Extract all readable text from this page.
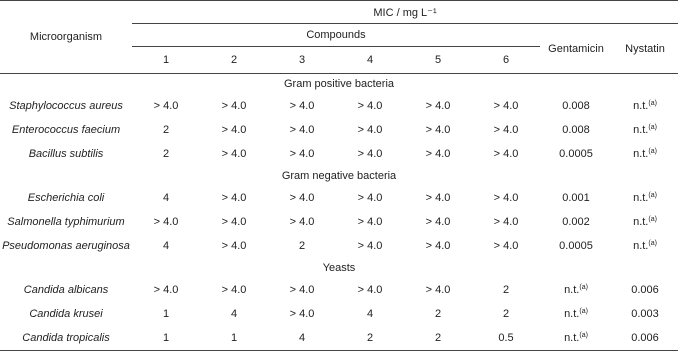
Microorganism	MIC / mg L⁻¹							
	Compounds						Gentamicin	Nystatin
	1	2	3	4	5	6		
Gram positive bacteria								
Staphylococcus aureus	> 4.0	> 4.0	> 4.0	> 4.0	> 4.0	> 4.0	0.008	n.t.$^{(a)}$
Enterococcus faecium	2	> 4.0	> 4.0	> 4.0	> 4.0	> 4.0	0.008	n.t.$^{(a)}$
Bacillus subtilis	2	> 4.0	> 4.0	> 4.0	> 4.0	> 4.0	0.0005	n.t.$^{(a)}$
Gram negative bacteria								
Escherichia coli	4	> 4.0	> 4.0	> 4.0	> 4.0	> 4.0	0.001	n.t.$^{(a)}$
Salmonella typhimurium	> 4.0	> 4.0	> 4.0	> 4.0	> 4.0	> 4.0	0.002	n.t.$^{(a)}$
Pseudomonas aeruginosa	4	> 4.0	2	> 4.0	> 4.0	> 4.0	0.0005	n.t.$^{(a)}$
Yeasts								
Candida albicans	> 4.0	> 4.0	> 4.0	> 4.0	> 4.0	2	n.t.$^{(a)}$	0.006
Candida krusei	1	4	> 4.0	4	2	2	n.t.$^{(a)}$	0.003
Candida tropicalis	1	1	4	2	2	0.5	n.t.$^{(a)}$	0.006
